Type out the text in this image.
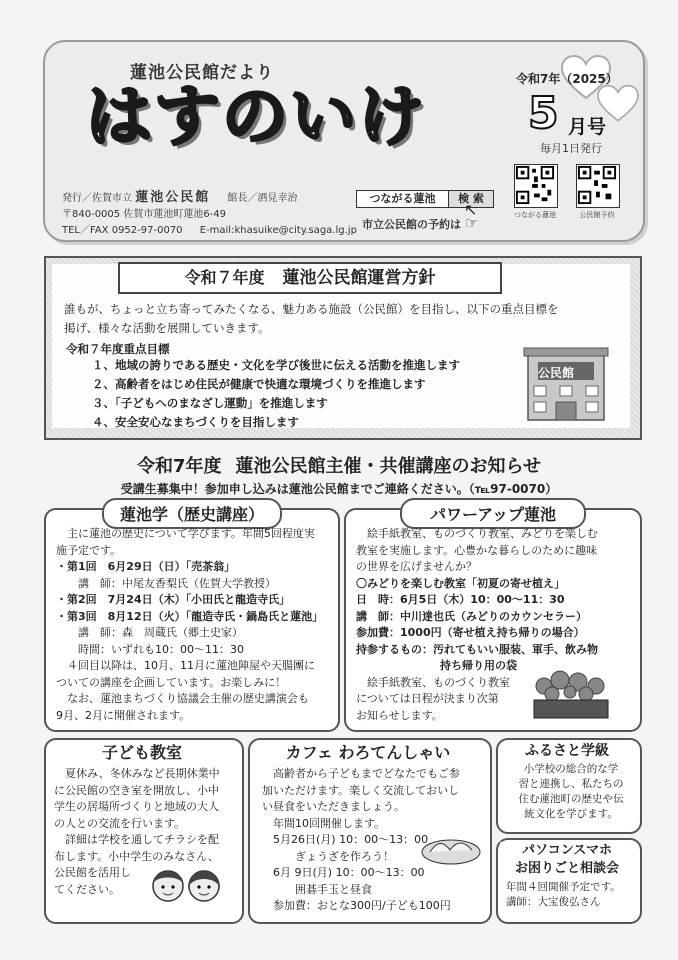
蓮池公民館だより
はすのいけ	令和7年（2025）
5 月号
毎月1日発行
発行／佐賀市立 蓮池公民館 館長／酒見幸治
〒840-0005 佐賀市蓮池町蓮池6-49
TEL／FAX 0952-97-0070 E-mail:khasuike@city.saga.lg.jp
つながる蓮池	検 索
↖
市立公民館の予約は ☞	つながる蓮池	公民館予約
令和７年度 蓮池公民館運営方針
誰もが、ちょっと立ち寄ってみたくなる、魅力ある施設（公民館）を目指し、以下の重点目標を
掲げ、様々な活動を展開していきます。
令和７年度重点目標
１、地域の誇りである歴史・文化を学び後世に伝える活動を推進します
２、高齢者をはじめ住民が健康で快適な環境づくりを推進します
３、「子どもへのまなざし運動」を推進します
４、安全安心なまちづくりを目指します
公民館
令和7年度 蓮池公民館主催・共催講座のお知らせ
受講生募集中！参加申し込みは蓮池公民館までご連絡ください。（℡97-0070）
蓮池学（歴史講座）
　主に蓮池の歴史について学びます。年間5回程度実
施予定です。
・第1回　6月29日（日）「売茶翁」
　　講　師：中尾友香梨氏（佐賀大学教授）
・第2回　7月24日（木）「小田氏と龍造寺氏」
・第3回　8月12日（火）「龍造寺氏・鍋島氏と蓮池」
　　講　師：森　周蔵氏（郷土史家）
　　時間：いずれも10：00～11：30
　４回目以降は、10月、11月に蓮池陣屋や天腸團に
ついての講座を企画しています。お楽しみに！
　なお、蓮池まちづくり協議会主催の歴史講演会も
9月、2月に開催されます。
パワーアップ蓮池
　絵手紙教室、ものづくり教室、みどりを楽しむ
教室を実施します。心豊かな暮らしのために趣味
の世界を広げませんか？
〇みどりを楽しむ教室「初夏の寄せ植え」
日　時：6月5日（木）10：00～11：30
講　師：中川達也氏（みどりのカウンセラー）
参加費：1000円（寄せ植え持ち帰りの場合）
持参するもの：汚れてもいい服装、軍手、飲み物
持ち帰り用の袋
　絵手紙教室、ものづくり教室
については日程が決まり次第
お知らせします。
子ども教室
　夏休み、冬休みなど長期休業中
に公民館の空き室を開放し、小中
学生の居場所づくりと地域の大人
の人との交流を行います。
　詳細は学校を通してチラシを配
布します。小中学生のみなさん、
公民館を活用し
てください。
カフェ わろてんしゃい
　高齢者から子どもまでどなたでもご参
加いただけます。楽しく交流しておいし
い昼食をいただきましょう。
　年間10回開催します。
　5月26日(月) 10：00～13：00
　　　ぎょうざを作ろう！
　6月 9日(月) 10：00～13：00
　　　囲碁手玉と昼食
　参加費：おとな300円/子ども100円
ふるさと学級
小学校の総合的な学
習と連携し、私たちの
住む蓮池町の歴史や伝
統文化を学びます。
パソコンスマホ
お困りごと相談会
年間４回開催予定です。
講師：大宝俊弘さん
